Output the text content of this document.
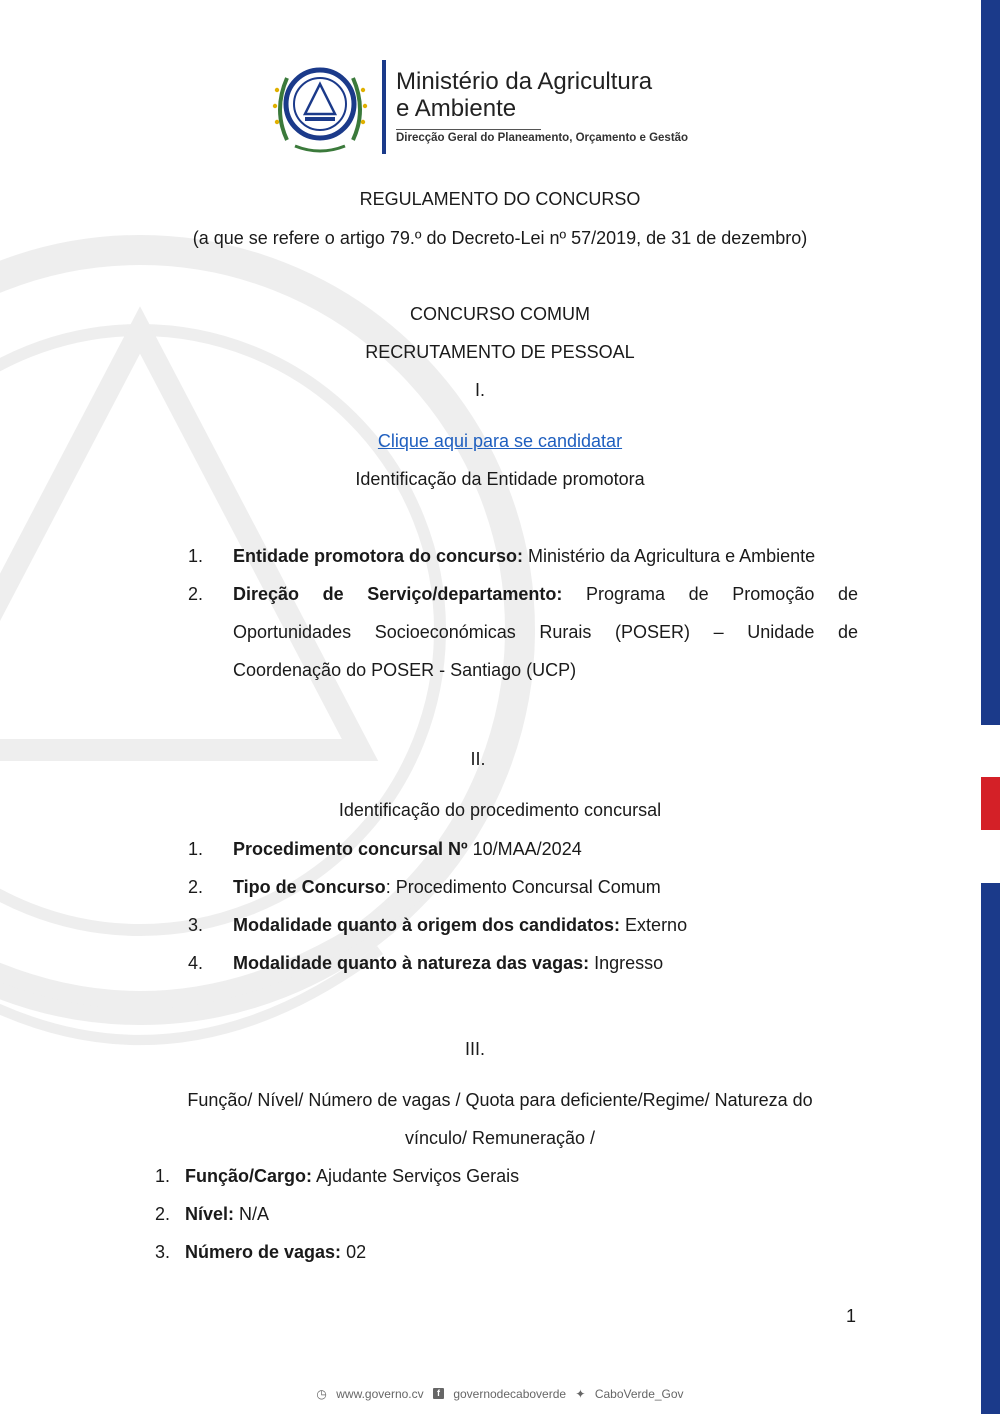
Ministério da Agricultura
e Ambiente
Direcção Geral do Planeamento, Orçamento e Gestão
REGULAMENTO DO CONCURSO
(a que se refere o artigo 79.º do Decreto-Lei nº 57/2019, de 31 de dezembro)
CONCURSO COMUM
RECRUTAMENTO DE PESSOAL
I.
Clique aqui para se candidatar
Identificação da Entidade promotora
1. Entidade promotora do concurso: Ministério da Agricultura e Ambiente
2. Direção de Serviço/departamento: Programa de Promoção de Oportunidades Socioeconómicas Rurais (POSER) – Unidade de Coordenação do POSER - Santiago (UCP)
II.
Identificação do procedimento concursal
1. Procedimento concursal Nº 10/MAA/2024
2. Tipo de Concurso: Procedimento Concursal Comum
3. Modalidade quanto à origem dos candidatos: Externo
4. Modalidade quanto à natureza das vagas: Ingresso
III.
Função/ Nível/ Número de vagas / Quota para deficiente/Regime/ Natureza do
vínculo/ Remuneração /
1. Função/Cargo: Ajudante Serviços Gerais
2. Nível: N/A
3. Número de vagas: 02
1
◷ www.governo.cv f governodecaboverde ✦ CaboVerde_Gov
